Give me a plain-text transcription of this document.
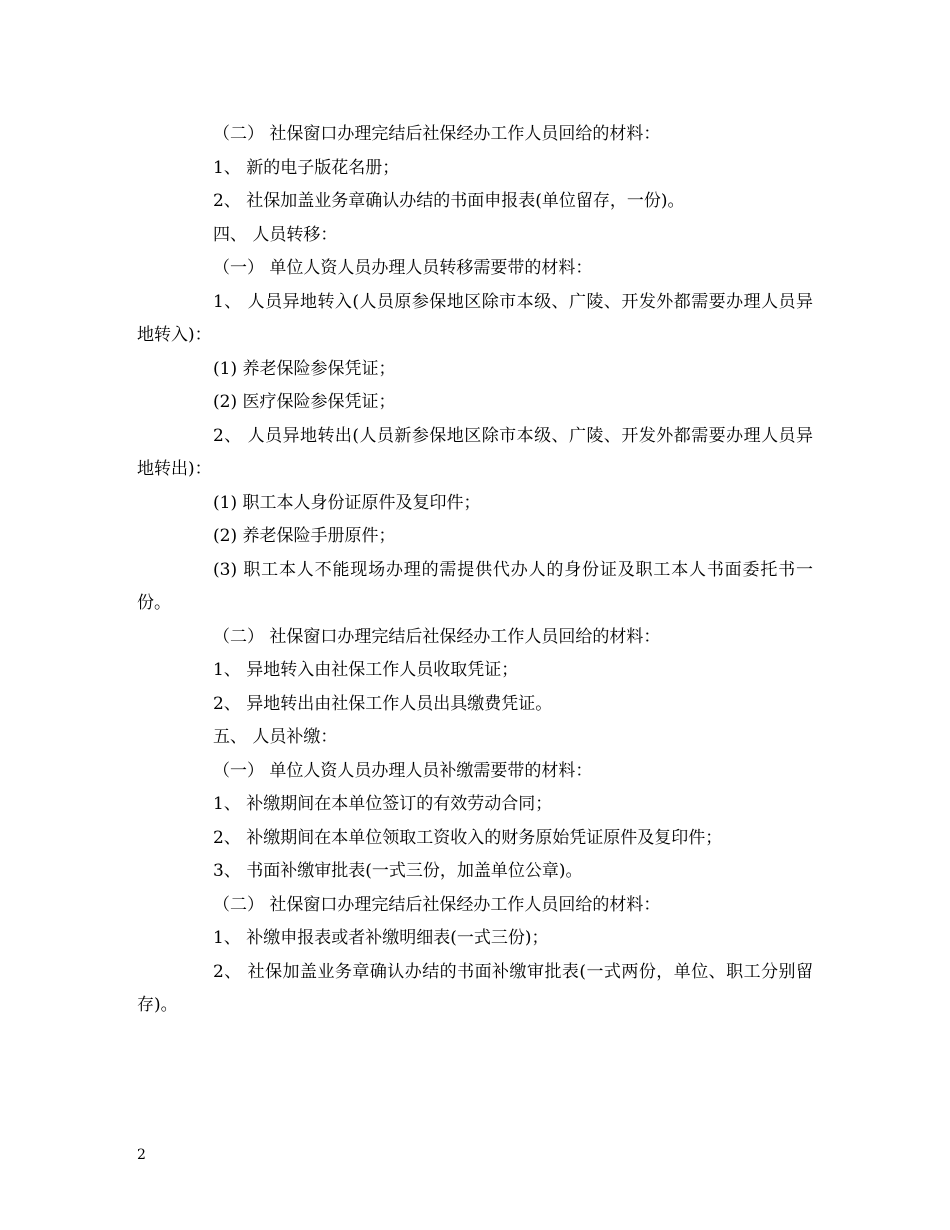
（二） 社保窗口办理完结后社保经办工作人员回给的材料：

1、 新的电子版花名册；

2、 社保加盖业务章确认办结的书面申报表(单位留存，一份)。

四、 人员转移：

（一） 单位人资人员办理人员转移需要带的材料：

1、 人员异地转入(人员原参保地区除市本级、广陵、开发外都需要办理人员异地转入)：

(1) 养老保险参保凭证；

(2) 医疗保险参保凭证；

2、 人员异地转出(人员新参保地区除市本级、广陵、开发外都需要办理人员异地转出)：

(1) 职工本人身份证原件及复印件；

(2) 养老保险手册原件；

(3) 职工本人不能现场办理的需提供代办人的身份证及职工本人书面委托书一份。

（二） 社保窗口办理完结后社保经办工作人员回给的材料：

1、 异地转入由社保工作人员收取凭证；

2、 异地转出由社保工作人员出具缴费凭证。

五、 人员补缴：

（一） 单位人资人员办理人员补缴需要带的材料：

1、 补缴期间在本单位签订的有效劳动合同；

2、 补缴期间在本单位领取工资收入的财务原始凭证原件及复印件；

3、 书面补缴审批表(一式三份，加盖单位公章)。

（二） 社保窗口办理完结后社保经办工作人员回给的材料：

1、 补缴申报表或者补缴明细表(一式三份)；

2、 社保加盖业务章确认办结的书面补缴审批表(一式两份，单位、职工分别留存)。

2
